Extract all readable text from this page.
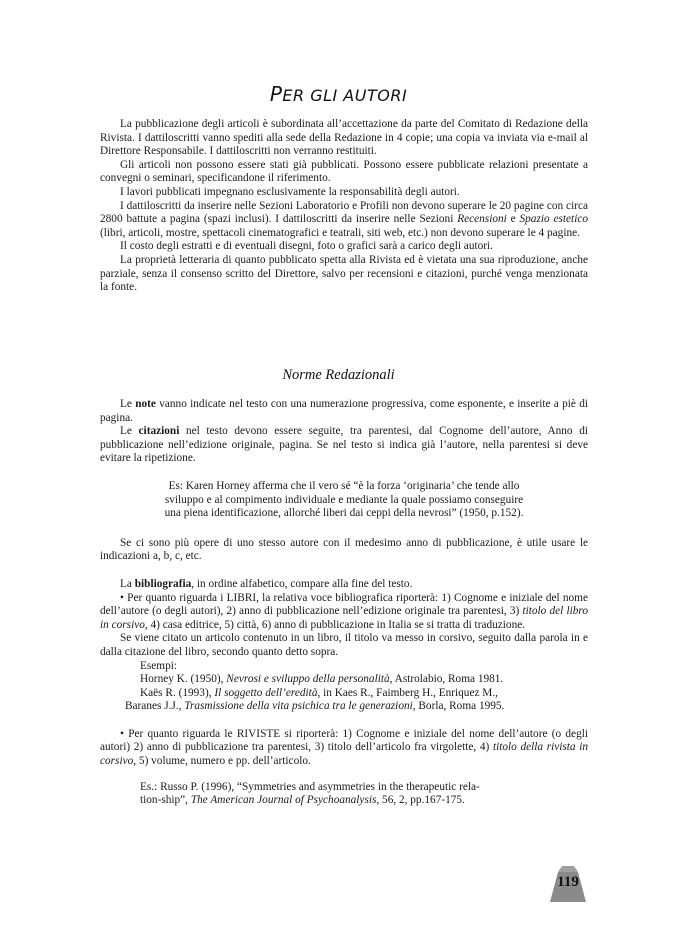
PER GLI AUTORI

La pubblicazione degli articoli è subordinata all’accettazione da parte del Comitato di Redazione della Rivista. I dattiloscritti vanno spediti alla sede della Redazione in 4 copie; una copia va inviata via e-mail al Direttore Responsabile. I dattiloscritti non verranno restituiti.

Gli articoli non possono essere stati già pubblicati. Possono essere pubblicate relazioni presentate a convegni o seminari, specificandone il riferimento.

I lavori pubblicati impegnano esclusivamente la responsabilità degli autori.

I dattiloscritti da inserire nelle Sezioni Laboratorio e Profili non devono superare le 20 pagine con circa 2800 battute a pagina (spazi inclusi). I dattiloscritti da inserire nelle Sezioni Recensioni e Spazio estetico (libri, articoli, mostre, spettacoli cinematografici e teatrali, siti web, etc.) non devono superare le 4 pagine.

Il costo degli estratti e di eventuali disegni, foto o grafici sarà a carico degli autori.

La proprietà letteraria di quanto pubblicato spetta alla Rivista ed è vietata una sua riproduzione, anche parziale, senza il consenso scritto del Direttore, salvo per recensioni e citazioni, purché venga menzionata la fonte.

Norme Redazionali

Le note vanno indicate nel testo con una numerazione progressiva, come esponente, e inserite a piè di pagina.

Le citazioni nel testo devono essere seguite, tra parentesi, dal Cognome dell’autore, Anno di pubblicazione nell’edizione originale, pagina. Se nel testo si indica già l’autore, nella parentesi si deve evitare la ripetizione.

Es: Karen Horney afferma che il vero sé “è la forza ‘originaria’ che tende allo

sviluppo e al compimento individuale e mediante la quale possiamo conseguire

una piena identificazione, allorché liberi dai ceppi della nevrosi” (1950, p.152).

Se ci sono più opere di uno stesso autore con il medesimo anno di pubblicazione, è utile usare le indicazioni a, b, c, etc.

La bibliografia, in ordine alfabetico, compare alla fine del testo.

• Per quanto riguarda i LIBRI, la relativa voce bibliografica riporterà: 1) Cognome e iniziale del nome dell’autore (o degli autori), 2) anno di pubblicazione nell’edizione originale tra parentesi, 3) titolo del libro in corsivo, 4) casa editrice, 5) città, 6) anno di pubblicazione in Italia se si tratta di traduzione.

Se viene citato un articolo contenuto in un libro, il titolo va messo in corsivo, seguito dalla parola in e dalla citazione del libro, secondo quanto detto sopra.

Esempi:

Horney K. (1950), Nevrosi e sviluppo della personalità, Astrolabio, Roma 1981.

Kaës R. (1993), Il soggetto dell’eredità, in Kaes R., Faimberg H., Enriquez M.,

Baranes J.J., Trasmissione della vita psichica tra le generazioni, Borla, Roma 1995.

• Per quanto riguarda le RIVISTE si riporterà: 1) Cognome e iniziale del nome dell’autore (o degli autori) 2) anno di pubblicazione tra parentesi, 3) titolo dell’articolo fra virgolette, 4) titolo della rivista in corsivo, 5) volume, numero e pp. dell’articolo.

Es.: Russo P. (1996), “Symmetries and asymmetries in the therapeutic rela-

tion-ship”, The American Journal of Psychoanalysis, 56, 2, pp.167-175.

119
